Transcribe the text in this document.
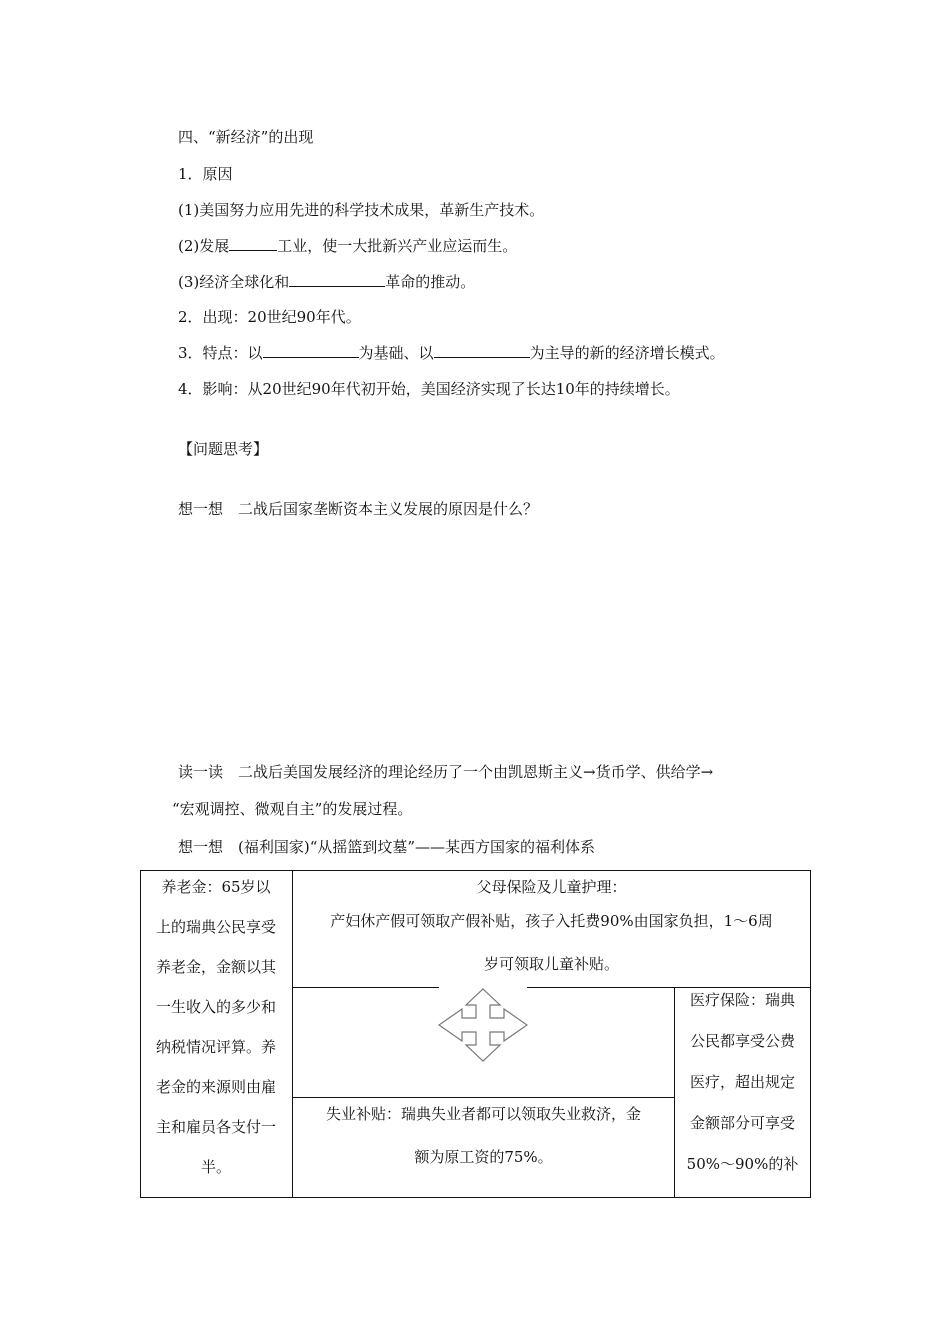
四、“新经济”的出现
1．原因
(1)美国努力应用先进的科学技术成果，革新生产技术。
(2)发展	工业，使一大批新兴产业应运而生。
(3)经济全球化和	革命的推动。
2．出现：20世纪90年代。
3．特点：以	为基础、以	为主导的新的经济增长模式。
4．影响：从20世纪90年代初开始，美国经济实现了长达10年的持续增长。
【问题思考】
想一想　二战后国家垄断资本主义发展的原因是什么？
读一读　二战后美国发展经济的理论经历了一个由凯恩斯主义→货币学、供给学→
“宏观调控、微观自主”的发展过程。
想一想　(福利国家)“从摇篮到坟墓”——某西方国家的福利体系
养老金：65岁以
上的瑞典公民享受
养老金，金额以其
一生收入的多少和
纳税情况评算。养
老金的来源则由雇
主和雇员各支付一
半。
父母保险及儿童护理：
产妇休产假可领取产假补贴，孩子入托费90%由国家负担，1～6周
岁可领取儿童补贴。
医疗保险：瑞典
公民都享受公费
医疗，超出规定
金额部分可享受
50%～90%的补
失业补贴：瑞典失业者都可以领取失业救济，金
额为原工资的75%。
